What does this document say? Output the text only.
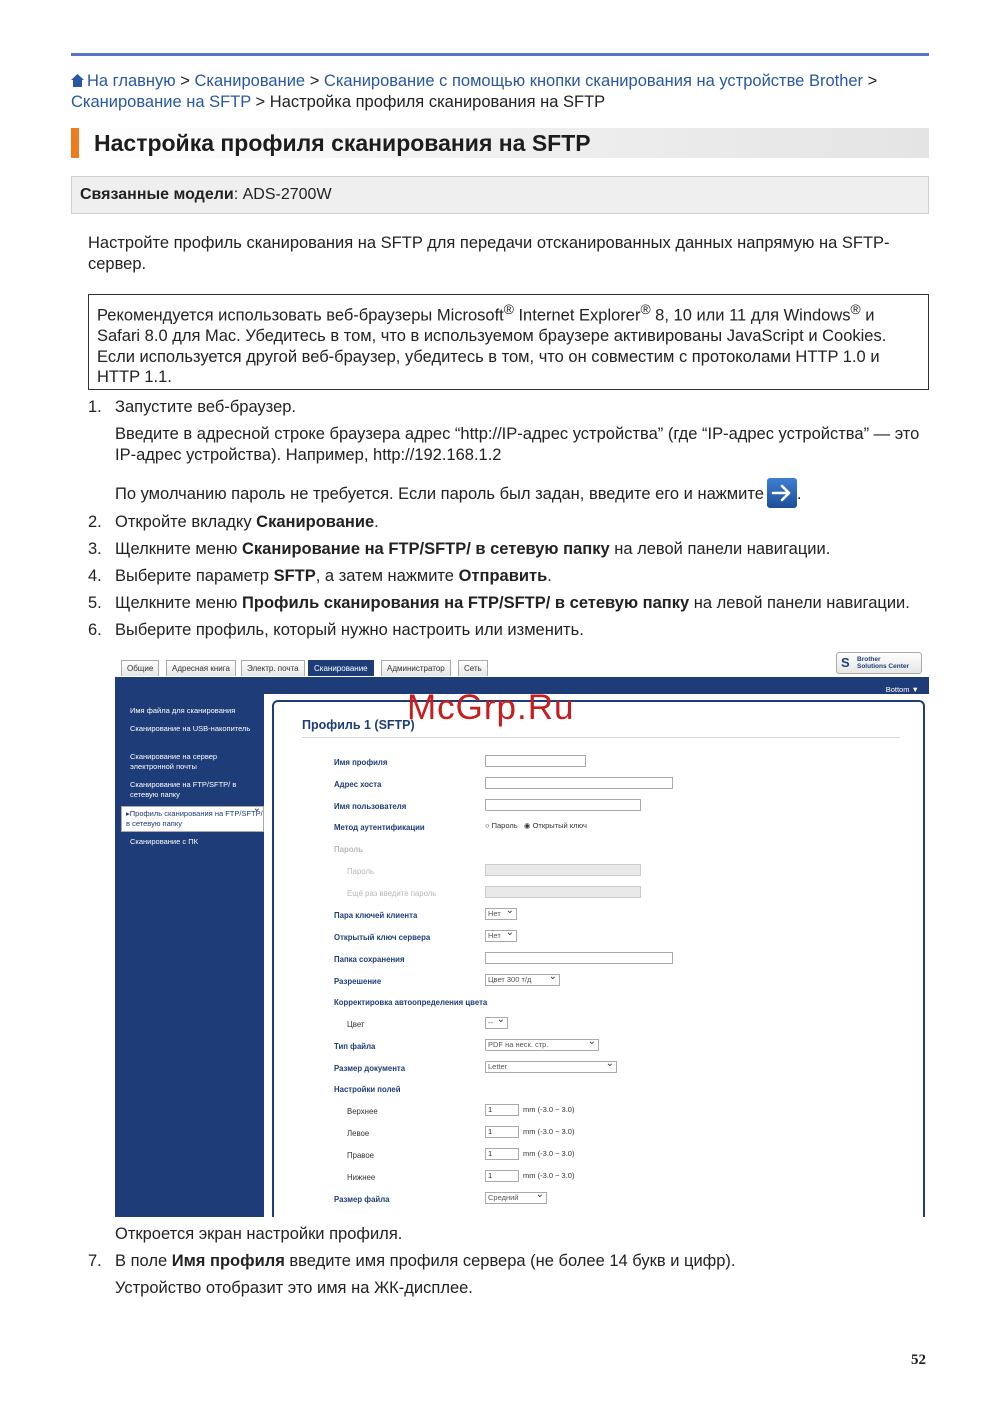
На главную > Сканирование > Сканирование с помощью кнопки сканирования на устройстве Brother > Сканирование на SFTP > Настройка профиля сканирования на SFTP
Настройка профиля сканирования на SFTP
Связанные модели: ADS-2700W
Настройте профиль сканирования на SFTP для передачи отсканированных данных напрямую на SFTP-сервер.
Рекомендуется использовать веб-браузеры Microsoft® Internet Explorer® 8, 10 или 11 для Windows® и Safari 8.0 для Mac. Убедитесь в том, что в используемом браузере активированы JavaScript и Cookies. Если используется другой веб-браузер, убедитесь в том, что он совместим с протоколами HTTP 1.0 и HTTP 1.1.
1. Запустите веб-браузер.
Введите в адресной строке браузера адрес “http://IP-адрес устройства” (где “IP-адрес устройства” — это IP-адрес устройства). Например, http://192.168.1.2
По умолчанию пароль не требуется. Если пароль был задан, введите его и нажмите .
2. Откройте вкладку Сканирование.
3. Щелкните меню Сканирование на FTP/SFTP/ в сетевую папку на левой панели навигации.
4. Выберите параметр SFTP, а затем нажмите Отправить.
5. Щелкните меню Профиль сканирования на FTP/SFTP/ в сетевую папку на левой панели навигации.
6. Выберите профиль, который нужно настроить или изменить.
Откроется экран настройки профиля.
7. В поле Имя профиля введите имя профиля сервера (не более 14 букв и цифр).
Устройство отобразит это имя на ЖК-дисплее.
Общие	Адресная книга	Электр. почта	Сканирование	Администратор	Сеть	S	Brother
Solutions Center
Bottom ▼
Имя файла для сканирования
Сканирование на USB-накопитель
Сканирование на сервер электронной почты
Сканирование на FTP/SFTP/ в сетевую папку
▸Профиль сканирования на FTP/SFTP/ в сетевую папку ⌄
Сканирование с ПК
Профиль 1 (SFTP)
Имя профиля
Адрес хоста
Имя пользователя
Метод аутентификации	○ Пароль ◉ Открытый ключ
Пароль
Пароль
Ещё раз введите пароль
Пара ключей клиента	Нет ⌄
Открытый ключ сервера	Нет ⌄
Папка сохранения
Разрешение	Цвет 300 т/д ⌄
Корректировка автоопределения цвета
Цвет	-- ⌄
Тип файла	PDF на неск. стр. ⌄
Размер документа	Letter ⌄
Настройки полей
Верхнее	1	mm (-3.0 ~ 3.0)
Левое	1	mm (-3.0 ~ 3.0)
Правое	1	mm (-3.0 ~ 3.0)
Нижнее	1	mm (-3.0 ~ 3.0)
Размер файла	Средний ⌄
McGrp.Ru
52
